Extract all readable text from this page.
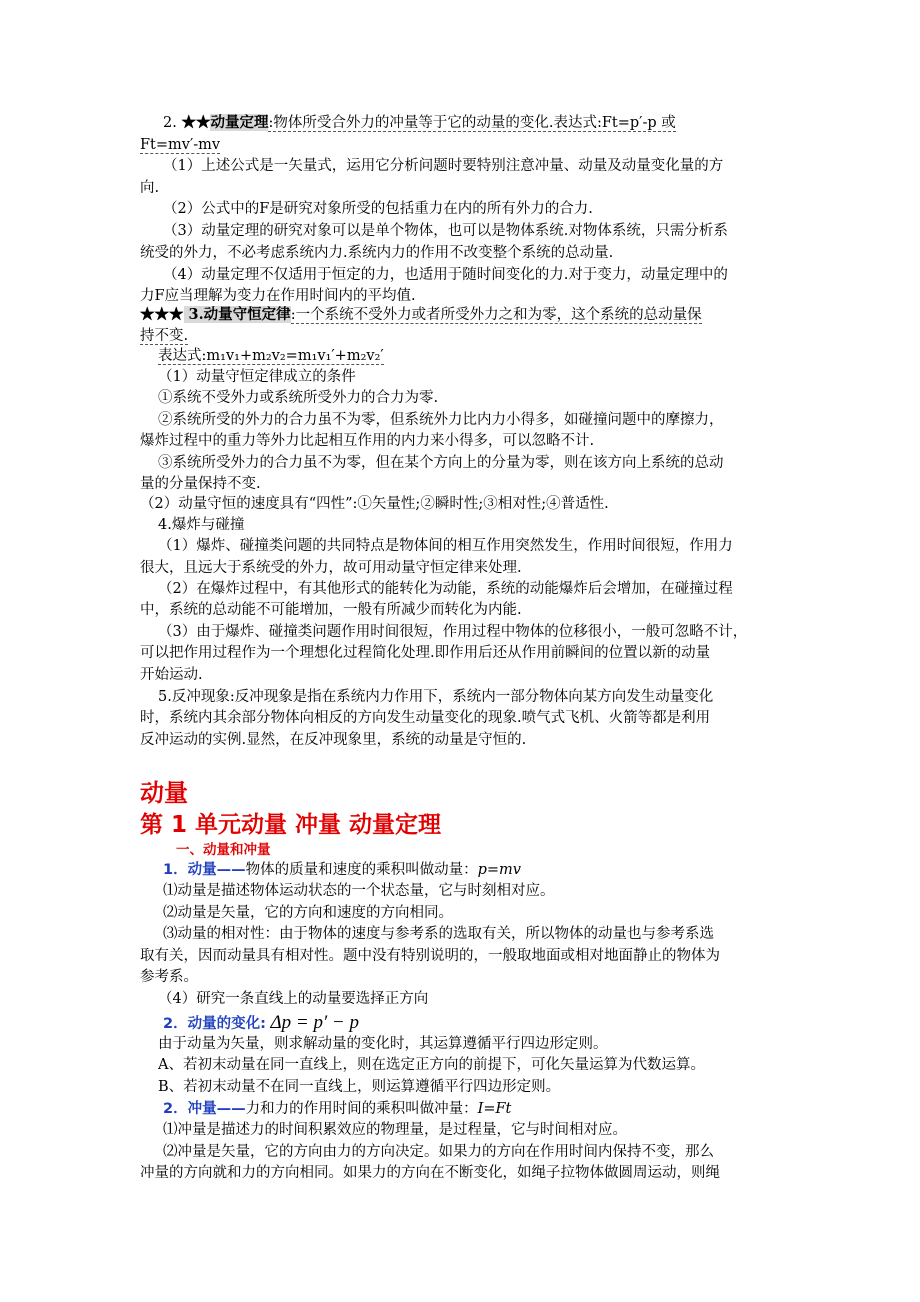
2. ★★动量定理:物体所受合外力的冲量等于它的动量的变化.表达式:Ft=p′-p 或
Ft=mv′-mv
（1）上述公式是一矢量式，运用它分析问题时要特别注意冲量、动量及动量变化量的方
向.
（2）公式中的F是研究对象所受的包括重力在内的所有外力的合力.
（3）动量定理的研究对象可以是单个物体，也可以是物体系统.对物体系统，只需分析系
统受的外力，不必考虑系统内力.系统内力的作用不改变整个系统的总动量.
（4）动量定理不仅适用于恒定的力，也适用于随时间变化的力.对于变力，动量定理中的
力F应当理解为变力在作用时间内的平均值.
★★★ 3.动量守恒定律:一个系统不受外力或者所受外力之和为零，这个系统的总动量保
持不变.
表达式:m₁v₁+m₂v₂=m₁v₁′+m₂v₂′
（1）动量守恒定律成立的条件
①系统不受外力或系统所受外力的合力为零.
②系统所受的外力的合力虽不为零，但系统外力比内力小得多，如碰撞问题中的摩擦力，
爆炸过程中的重力等外力比起相互作用的内力来小得多，可以忽略不计.
③系统所受外力的合力虽不为零，但在某个方向上的分量为零，则在该方向上系统的总动
量的分量保持不变.
（2）动量守恒的速度具有“四性”:①矢量性;②瞬时性;③相对性;④普适性.
4.爆炸与碰撞
（1）爆炸、碰撞类问题的共同特点是物体间的相互作用突然发生，作用时间很短，作用力
很大，且远大于系统受的外力，故可用动量守恒定律来处理.
（2）在爆炸过程中，有其他形式的能转化为动能，系统的动能爆炸后会增加，在碰撞过程
中，系统的总动能不可能增加，一般有所减少而转化为内能.
（3）由于爆炸、碰撞类问题作用时间很短，作用过程中物体的位移很小，一般可忽略不计，
可以把作用过程作为一个理想化过程简化处理.即作用后还从作用前瞬间的位置以新的动量
开始运动.
5.反冲现象:反冲现象是指在系统内力作用下，系统内一部分物体向某方向发生动量变化
时，系统内其余部分物体向相反的方向发生动量变化的现象.喷气式飞机、火箭等都是利用
反冲运动的实例.显然，在反冲现象里，系统的动量是守恒的.
动量
第 1 单元动量 冲量 动量定理
一、动量和冲量
1．动量——物体的质量和速度的乘积叫做动量：p=mv
⑴动量是描述物体运动状态的一个状态量，它与时刻相对应。
⑵动量是矢量，它的方向和速度的方向相同。
⑶动量的相对性：由于物体的速度与参考系的选取有关，所以物体的动量也与参考系选
取有关，因而动量具有相对性。题中没有特别说明的，一般取地面或相对地面静止的物体为
参考系。
（4）研究一条直线上的动量要选择正方向
2．动量的变化: Δp = p′ − p
由于动量为矢量，则求解动量的变化时，其运算遵循平行四边形定则。
A、若初末动量在同一直线上，则在选定正方向的前提下，可化矢量运算为代数运算。
B、若初末动量不在同一直线上，则运算遵循平行四边形定则。
2．冲量——力和力的作用时间的乘积叫做冲量：I=Ft
⑴冲量是描述力的时间积累效应的物理量，是过程量，它与时间相对应。
⑵冲量是矢量，它的方向由力的方向决定。如果力的方向在作用时间内保持不变，那么
冲量的方向就和力的方向相同。如果力的方向在不断变化，如绳子拉物体做圆周运动，则绳
